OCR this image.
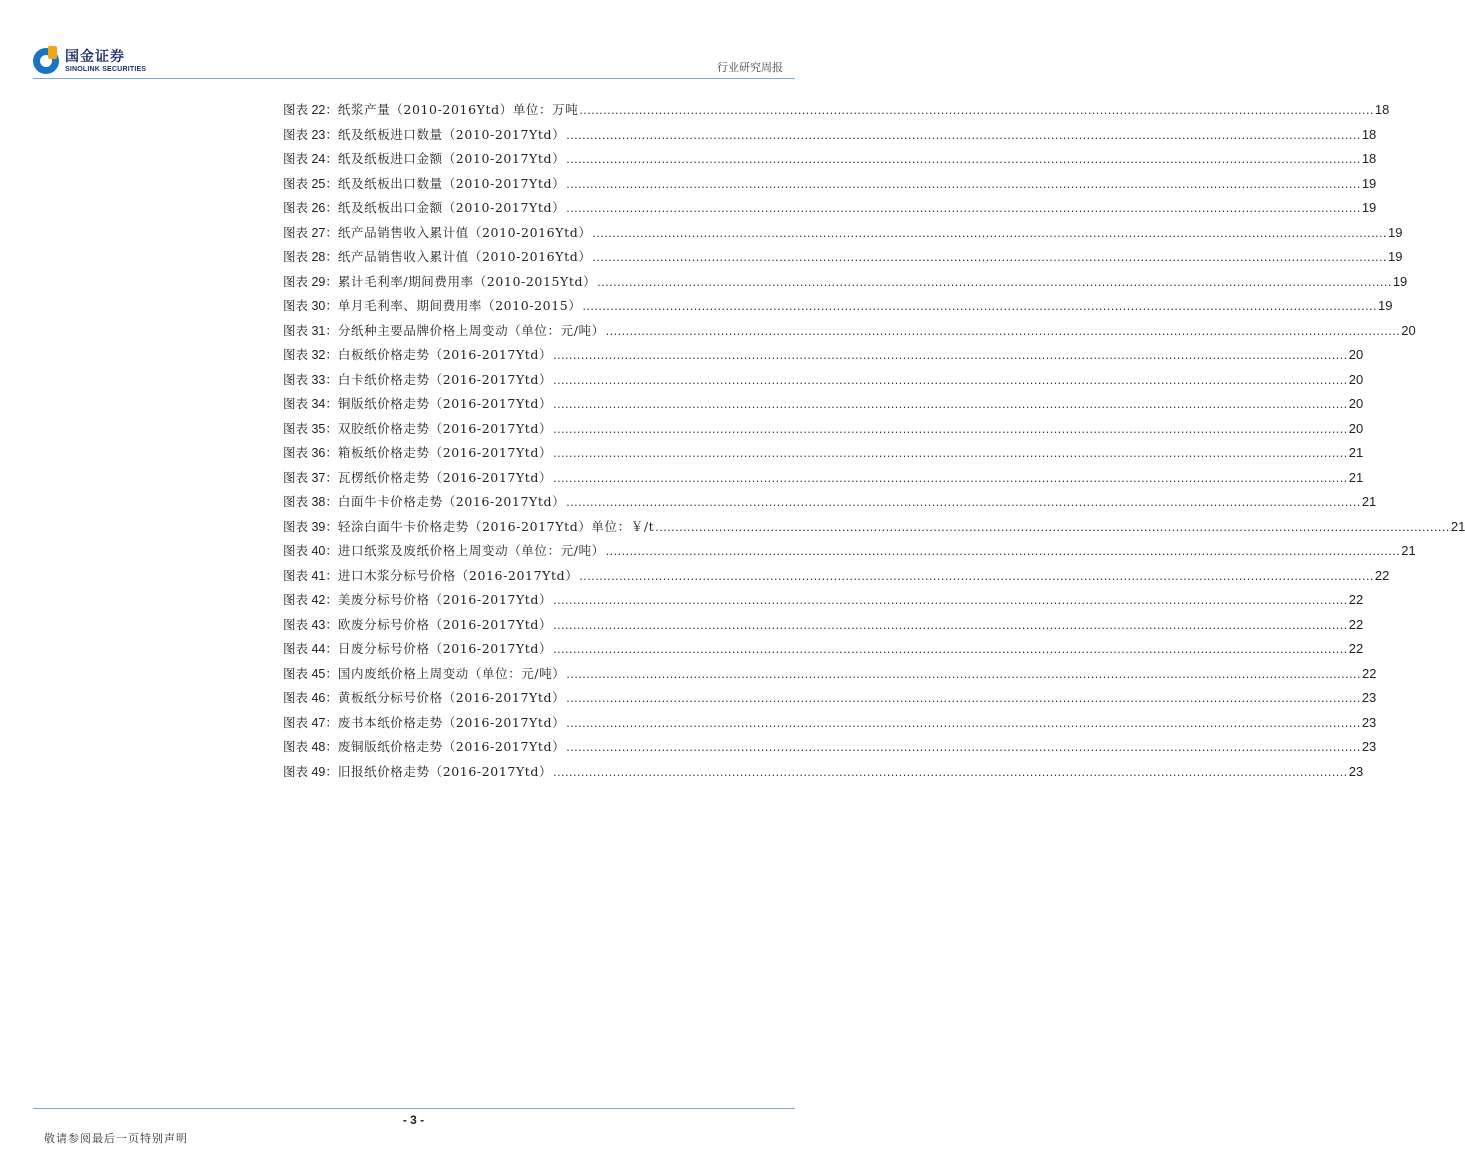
国金证券
SINOLINK SECURITIES	行业研究周报
图表 22： 纸浆产量（2010-2016Ytd）单位：万吨 ........................................................................................................................................................................................................ 18
图表 23： 纸及纸板进口数量（2010-2017Ytd） ........................................................................................................................................................................................................ 18
图表 24： 纸及纸板进口金额（2010-2017Ytd） ........................................................................................................................................................................................................ 18
图表 25： 纸及纸板出口数量（2010-2017Ytd） ........................................................................................................................................................................................................ 19
图表 26： 纸及纸板出口金额（2010-2017Ytd） ........................................................................................................................................................................................................ 19
图表 27： 纸产品销售收入累计值（2010-2016Ytd） ........................................................................................................................................................................................................ 19
图表 28： 纸产品销售收入累计值（2010-2016Ytd） ........................................................................................................................................................................................................ 19
图表 29： 累计毛利率/期间费用率（2010-2015Ytd） ........................................................................................................................................................................................................ 19
图表 30： 单月毛利率、期间费用率（2010-2015） ........................................................................................................................................................................................................ 19
图表 31： 分纸种主要品牌价格上周变动（单位：元/吨） ........................................................................................................................................................................................................ 20
图表 32： 白板纸价格走势（2016-2017Ytd） ........................................................................................................................................................................................................ 20
图表 33： 白卡纸价格走势（2016-2017Ytd） ........................................................................................................................................................................................................ 20
图表 34： 铜版纸价格走势（2016-2017Ytd） ........................................................................................................................................................................................................ 20
图表 35： 双胶纸价格走势（2016-2017Ytd） ........................................................................................................................................................................................................ 20
图表 36： 箱板纸价格走势（2016-2017Ytd） ........................................................................................................................................................................................................ 21
图表 37： 瓦楞纸价格走势（2016-2017Ytd） ........................................................................................................................................................................................................ 21
图表 38： 白面牛卡价格走势（2016-2017Ytd） ........................................................................................................................................................................................................ 21
图表 39： 轻涂白面牛卡价格走势（2016-2017Ytd）单位：￥/t ........................................................................................................................................................................................................ 21
图表 40： 进口纸浆及废纸价格上周变动（单位：元/吨） ........................................................................................................................................................................................................ 21
图表 41： 进口木浆分标号价格（2016-2017Ytd） ........................................................................................................................................................................................................ 22
图表 42： 美废分标号价格（2016-2017Ytd） ........................................................................................................................................................................................................ 22
图表 43： 欧废分标号价格（2016-2017Ytd） ........................................................................................................................................................................................................ 22
图表 44： 日废分标号价格（2016-2017Ytd） ........................................................................................................................................................................................................ 22
图表 45： 国内废纸价格上周变动（单位：元/吨） ........................................................................................................................................................................................................ 22
图表 46： 黄板纸分标号价格（2016-2017Ytd） ........................................................................................................................................................................................................ 23
图表 47： 废书本纸价格走势（2016-2017Ytd） ........................................................................................................................................................................................................ 23
图表 48： 废铜版纸价格走势（2016-2017Ytd） ........................................................................................................................................................................................................ 23
图表 49： 旧报纸价格走势（2016-2017Ytd） ........................................................................................................................................................................................................ 23
- 3 -
敬请参阅最后一页特别声明
